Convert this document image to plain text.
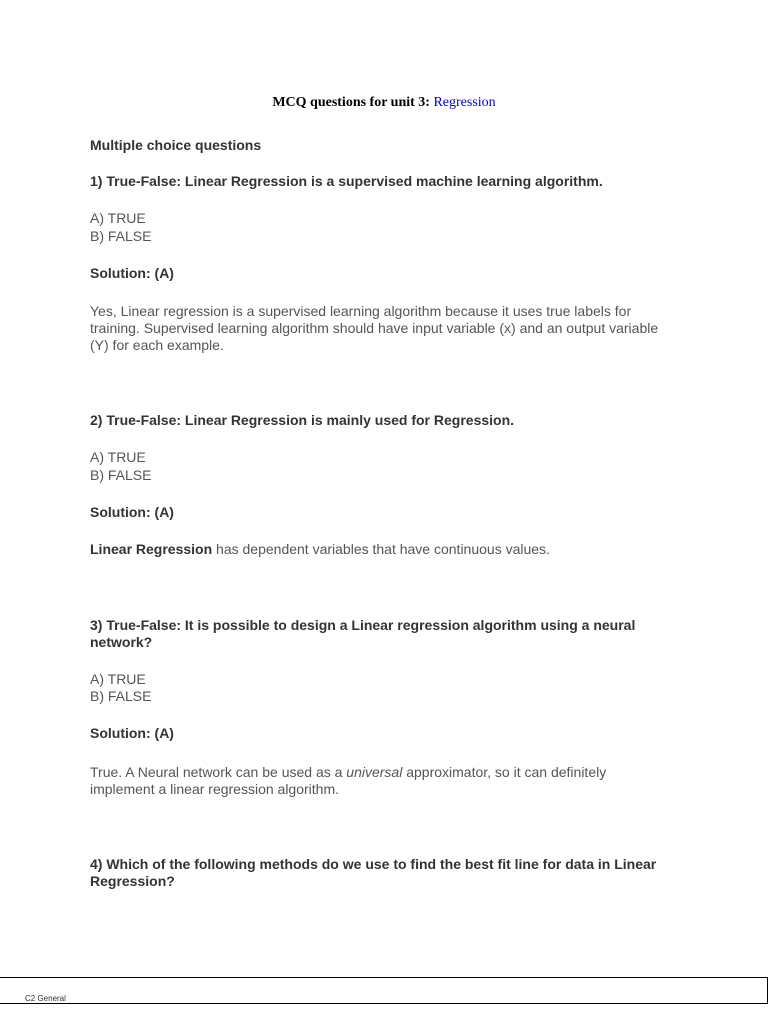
MCQ questions for unit 3: Regression
Multiple choice questions
1) True-False: Linear Regression is a supervised machine learning algorithm.
A) TRUE
B) FALSE
Solution: (A)
Yes, Linear regression is a supervised learning algorithm because it uses true labels for
training. Supervised learning algorithm should have input variable (x) and an output variable
(Y) for each example.
2) True-False: Linear Regression is mainly used for Regression.
A) TRUE
B) FALSE
Solution: (A)
Linear Regression has dependent variables that have continuous values.
3) True-False: It is possible to design a Linear regression algorithm using a neural
network?
A) TRUE
B) FALSE
Solution: (A)
True. A Neural network can be used as a universal approximator, so it can definitely
implement a linear regression algorithm.
4) Which of the following methods do we use to find the best fit line for data in Linear
Regression?
C2 General
